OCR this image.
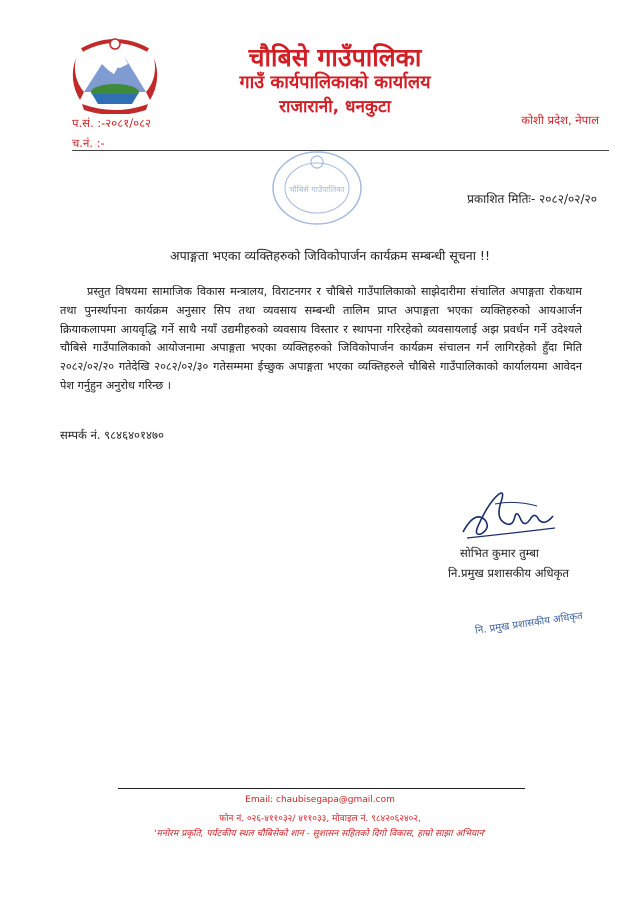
चौबिसे गाउँपालिका
गाउँ कार्यपालिकाको कार्यालय
राजारानी, धनकुटा
प.सं. :-२०८१/०८२
च.नं. :-
कोशी प्रदेश, नेपाल
चौबिसे गाउँपालिका
प्रकाशित मितिः- २०८२/०२/२०
अपाङ्गता भएका व्यक्तिहरुको जिविकोपार्जन कार्यक्रम सम्बन्धी सूचना !!
प्रस्तुत विषयमा सामाजिक विकास मन्त्रालय, विराटनगर र चौबिसे गाउँपालिकाको साझेदारीमा संचालित अपाङ्गता रोकथाम तथा पुनर्स्थापना कार्यक्रम अनुसार सिप तथा व्यवसाय सम्बन्धी तालिम प्राप्त अपाङ्गता भएका व्यक्तिहरुको आयआर्जन क्रियाकलापमा आयवृद्धि गर्ने साथै नयाँ उद्यमीहरुको व्यवसाय विस्तार र स्थापना गरिरहेको व्यवसायलाई अझ प्रवर्धन गर्ने उदेश्यले चौबिसे गाउँपालिकाको आयोजनामा अपाङ्गता भएका व्यक्तिहरुको जिविकोपार्जन कार्यक्रम संचालन गर्न लागिरहेको हुँदा मिति २०८२/०२/२० गतेदेखि २०८२/०२/३० गतेसम्ममा ईच्छुक अपाङ्गता भएका व्यक्तिहरुले चौबिसे गाउँपालिकाको कार्यालयमा आवेदन पेश गर्नुहुन अनुरोध गरिन्छ ।
सम्पर्क नं. ९८४६४०१४७०
सोभित कुमार तुम्बा
नि.प्रमुख प्रशासकीय अधिकृत
नि. प्रमुख प्रशासकीय अधिकृत
Email: chaubisegapa@gmail.com
फोन नं. ०२६-४११०३२/ ४११०३३, मोवाइल नं. ९८४२०६२४०२,
'मनोरम प्रकृति, पर्यटकीय स्थल चौबिसेको शान - सुशासन सहितको दिगो विकास, हाम्रो साझा अभियान'
